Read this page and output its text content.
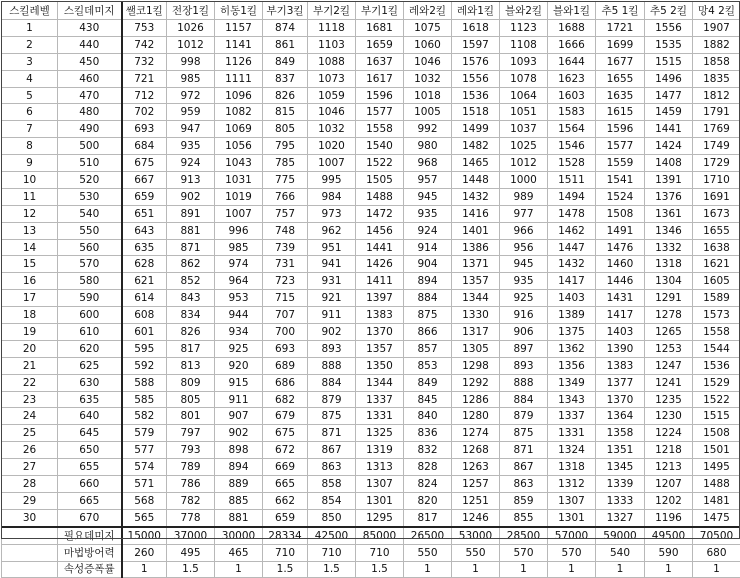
스킬레벨	스킬데미지	쌜코1킬	전장1킬	히동1킬	부기3킬	부기2킬	부기1킬	레와2킬	레와1킬	블와2킬	블와1킬	추5 1킬	추5 2킬	망4 2킬
1	430	753	1026	1157	874	1118	1681	1075	1618	1123	1688	1721	1556	1907
2	440	742	1012	1141	861	1103	1659	1060	1597	1108	1666	1699	1535	1882
3	450	732	998	1126	849	1088	1637	1046	1576	1093	1644	1677	1515	1858
4	460	721	985	1111	837	1073	1617	1032	1556	1078	1623	1655	1496	1835
5	470	712	972	1096	826	1059	1596	1018	1536	1064	1603	1635	1477	1812
6	480	702	959	1082	815	1046	1577	1005	1518	1051	1583	1615	1459	1791
7	490	693	947	1069	805	1032	1558	992	1499	1037	1564	1596	1441	1769
8	500	684	935	1056	795	1020	1540	980	1482	1025	1546	1577	1424	1749
9	510	675	924	1043	785	1007	1522	968	1465	1012	1528	1559	1408	1729
10	520	667	913	1031	775	995	1505	957	1448	1000	1511	1541	1391	1710
11	530	659	902	1019	766	984	1488	945	1432	989	1494	1524	1376	1691
12	540	651	891	1007	757	973	1472	935	1416	977	1478	1508	1361	1673
13	550	643	881	996	748	962	1456	924	1401	966	1462	1491	1346	1655
14	560	635	871	985	739	951	1441	914	1386	956	1447	1476	1332	1638
15	570	628	862	974	731	941	1426	904	1371	945	1432	1460	1318	1621
16	580	621	852	964	723	931	1411	894	1357	935	1417	1446	1304	1605
17	590	614	843	953	715	921	1397	884	1344	925	1403	1431	1291	1589
18	600	608	834	944	707	911	1383	875	1330	916	1389	1417	1278	1573
19	610	601	826	934	700	902	1370	866	1317	906	1375	1403	1265	1558
20	620	595	817	925	693	893	1357	857	1305	897	1362	1390	1253	1544
21	625	592	813	920	689	888	1350	853	1298	893	1356	1383	1247	1536
22	630	588	809	915	686	884	1344	849	1292	888	1349	1377	1241	1529
23	635	585	805	911	682	879	1337	845	1286	884	1343	1370	1235	1522
24	640	582	801	907	679	875	1331	840	1280	879	1337	1364	1230	1515
25	645	579	797	902	675	871	1325	836	1274	875	1331	1358	1224	1508
26	650	577	793	898	672	867	1319	832	1268	871	1324	1351	1218	1501
27	655	574	789	894	669	863	1313	828	1263	867	1318	1345	1213	1495
28	660	571	786	889	665	858	1307	824	1257	863	1312	1339	1207	1488
29	665	568	782	885	662	854	1301	820	1251	859	1307	1333	1202	1481
30	670	565	778	881	659	850	1295	817	1246	855	1301	1327	1196	1475
	필요데미지	15000	37000	30000	28334	42500	85000	26500	53000	28500	57000	59000	49500	70500
	마법방어력	260	495	465	710	710	710	550	550	570	570	540	590	680
	속성증폭률	1	1.5	1	1.5	1.5	1.5	1	1	1	1	1	1	1
